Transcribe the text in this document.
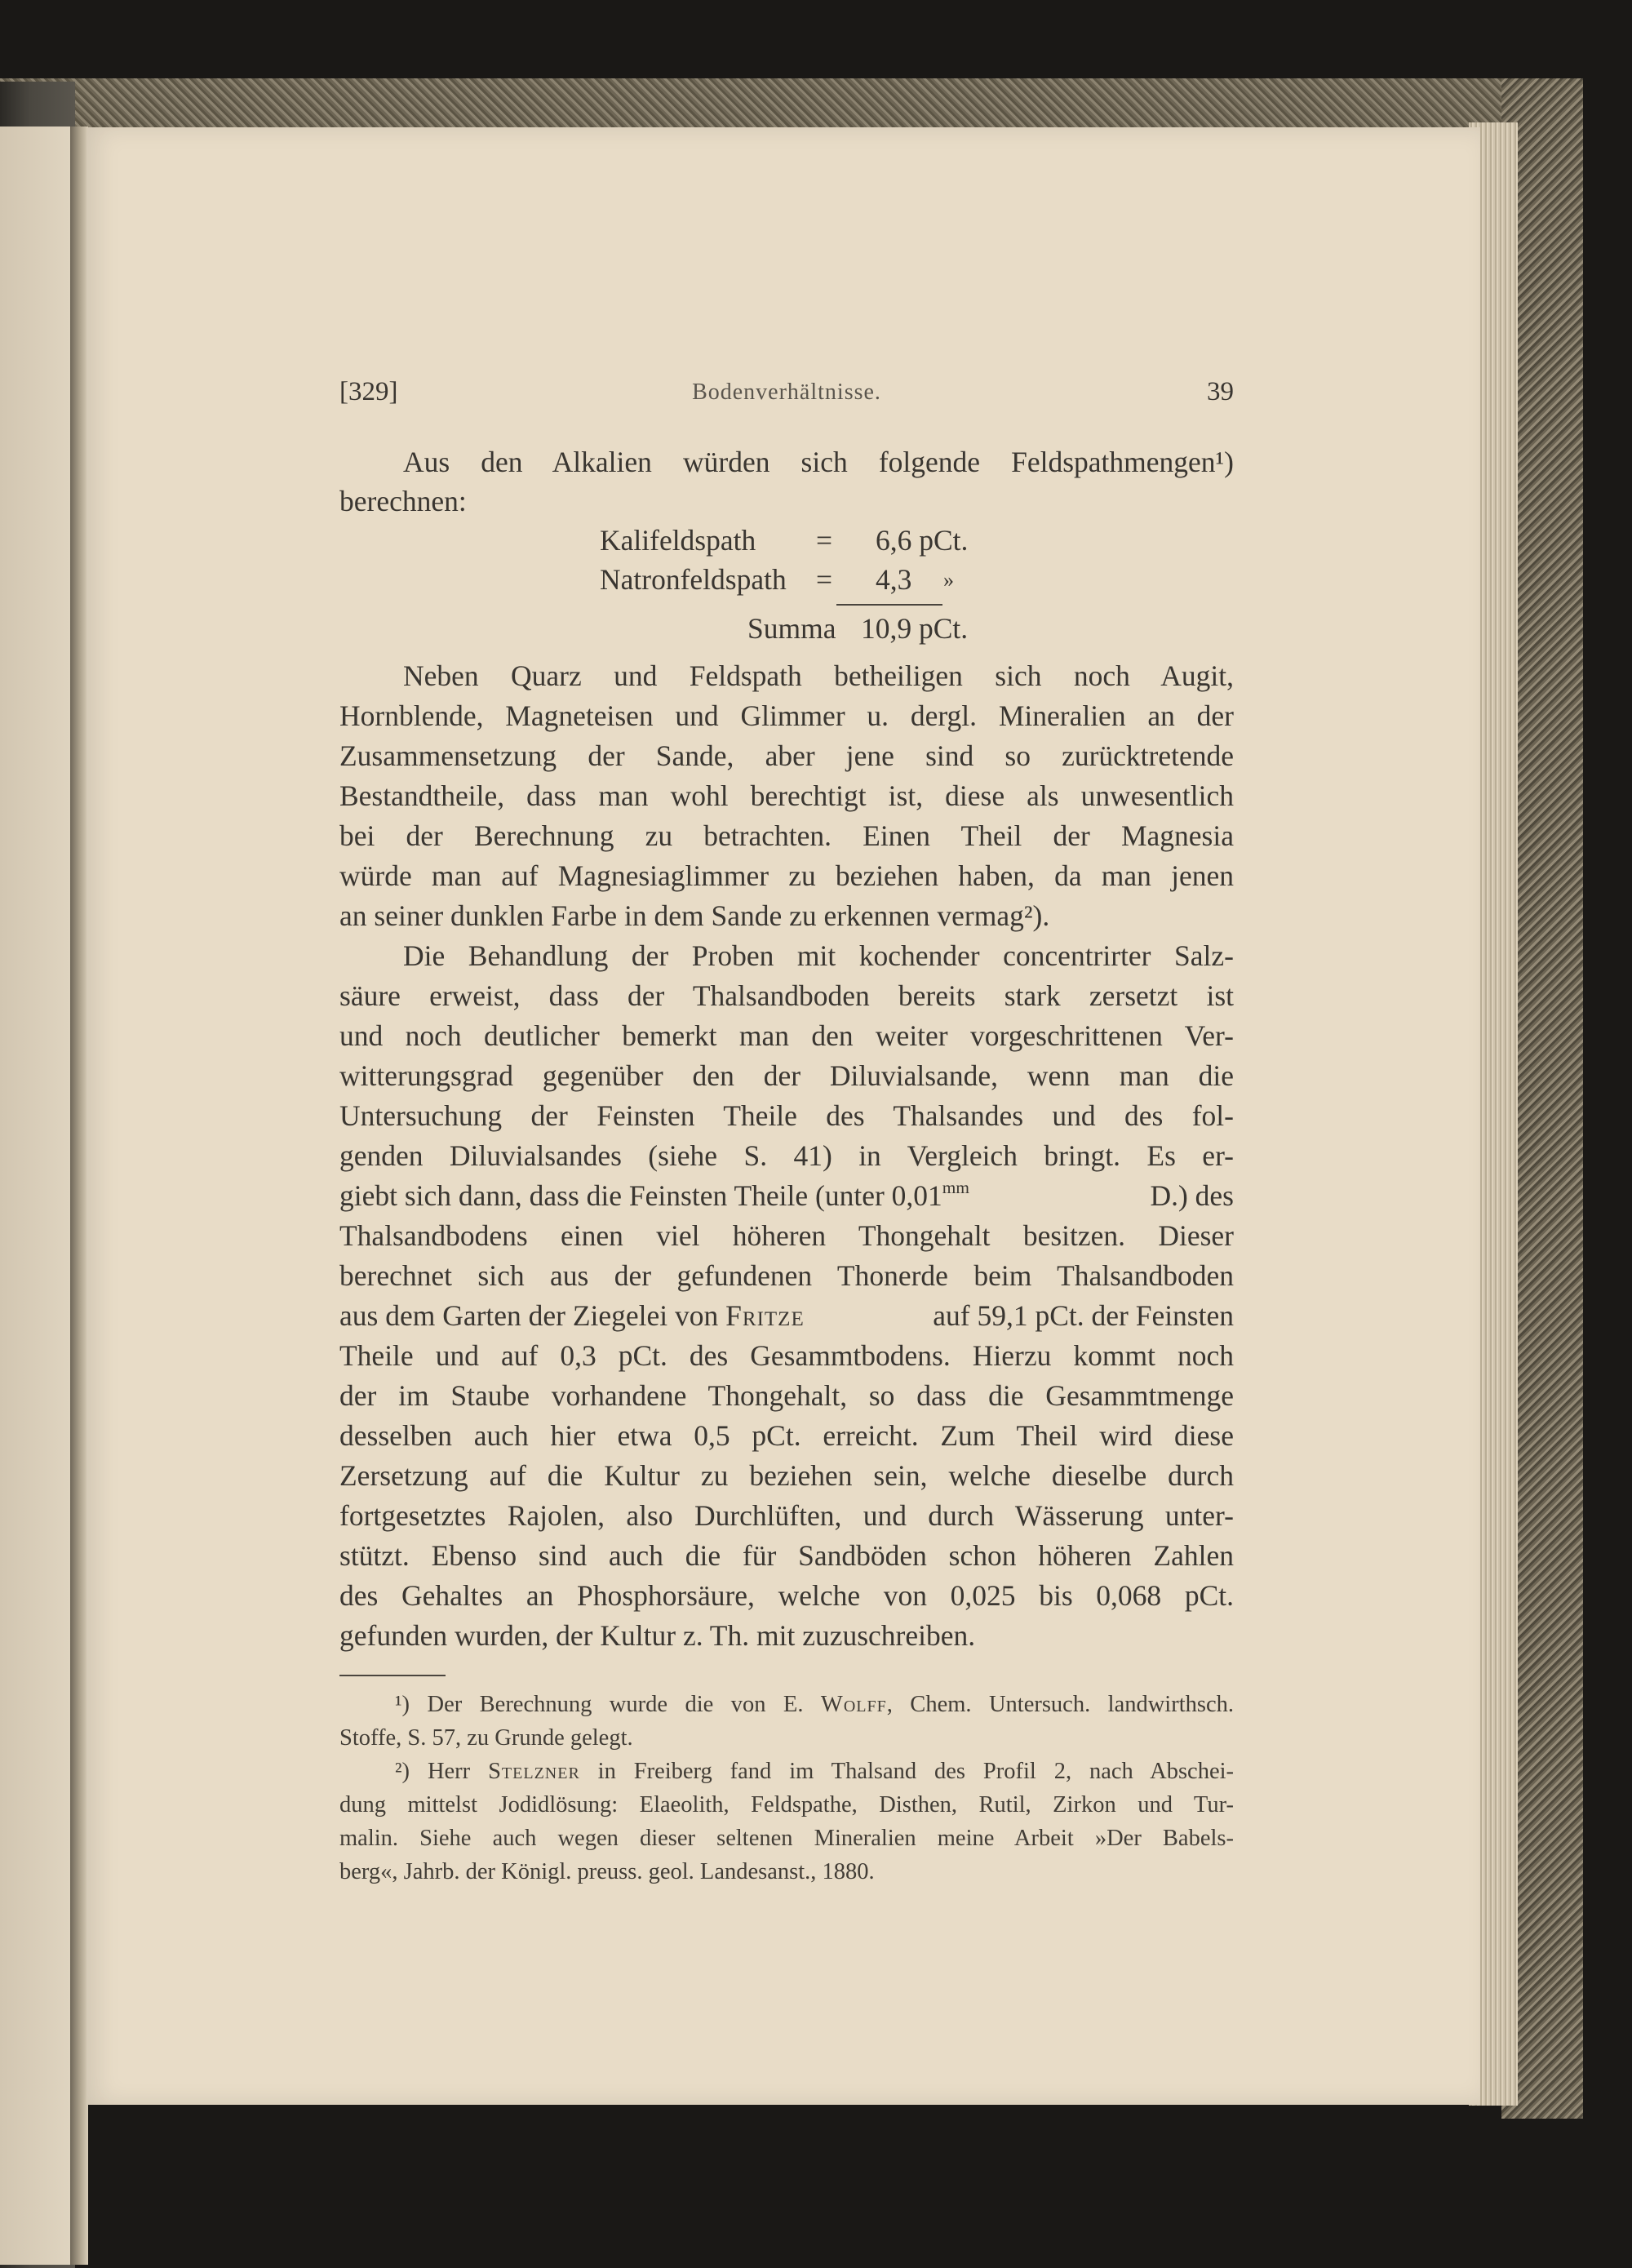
[329]	Bodenverhältnisse.	39
Aus den Alkalien würden sich folgende Feldspathmengen¹)
berechnen:
Kalifeldspath	=	6,6 pCt.
Natronfeldspath	=	4,3	»
Summa 10,9 pCt.
Neben Quarz und Feldspath betheiligen sich noch Augit,
Hornblende, Magneteisen und Glimmer u. dergl. Mineralien an der
Zusammensetzung der Sande, aber jene sind so zurücktretende
Bestandtheile, dass man wohl berechtigt ist, diese als unwesentlich
bei der Berechnung zu betrachten. Einen Theil der Magnesia
würde man auf Magnesiaglimmer zu beziehen haben, da man jenen
an seiner dunklen Farbe in dem Sande zu erkennen vermag²).
Die Behandlung der Proben mit kochender concentrirter Salz-
säure erweist, dass der Thalsandboden bereits stark zersetzt ist
und noch deutlicher bemerkt man den weiter vorgeschrittenen Ver-
witterungsgrad gegenüber den der Diluvialsande, wenn man die
Untersuchung der Feinsten Theile des Thalsandes und des fol-
genden Diluvialsandes (siehe S. 41) in Vergleich bringt. Es er-
giebt sich dann, dass die Feinsten Theile (unter $0,01^{mm}$	D.) des
Thalsandbodens einen viel höheren Thongehalt besitzen. Dieser
berechnet sich aus der gefundenen Thonerde beim Thalsandboden
aus dem Garten der Ziegelei von Fritze	auf 59,1 pCt. der Feinsten
Theile und auf 0,3 pCt. des Gesammtbodens. Hierzu kommt noch
der im Staube vorhandene Thongehalt, so dass die Gesammtmenge
desselben auch hier etwa 0,5 pCt. erreicht. Zum Theil wird diese
Zersetzung auf die Kultur zu beziehen sein, welche dieselbe durch
fortgesetztes Rajolen, also Durchlüften, und durch Wässerung unter-
stützt. Ebenso sind auch die für Sandböden schon höheren Zahlen
des Gehaltes an Phosphorsäure, welche von 0,025 bis 0,068 pCt.
gefunden wurden, der Kultur z. Th. mit zuzuschreiben.
¹) Der Berechnung wurde die von E. Wolff, Chem. Untersuch. landwirthsch.
Stoffe, S. 57, zu Grunde gelegt.
²) Herr Stelzner in Freiberg fand im Thalsand des Profil 2, nach Abschei-
dung mittelst Jodidlösung: Elaeolith, Feldspathe, Disthen, Rutil, Zirkon und Tur-
malin. Siehe auch wegen dieser seltenen Mineralien meine Arbeit »Der Babels-
berg«, Jahrb. der Königl. preuss. geol. Landesanst., 1880.
